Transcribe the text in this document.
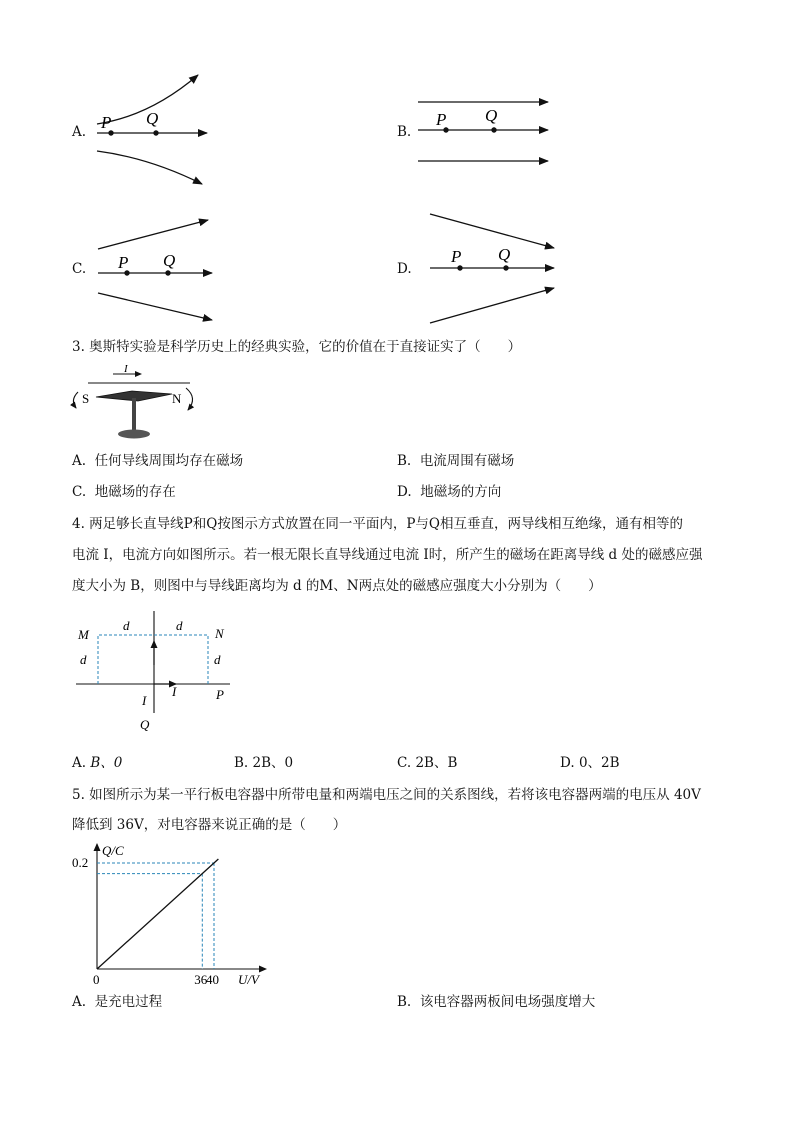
A. P Q
B.
P Q
C. P Q	D.
P Q
3. 奥斯特实验是科学历史上的经典实验，它的价值在于直接证实了（　　）
I
S	N
A. 任何导线周围均存在磁场	B. 电流周围有磁场
C. 地磁场的存在	D. 地磁场的方向
4. 两足够长直导线P和Q按图示方式放置在同一平面内，P与Q相互垂直，两导线相互绝缘，通有相等的
电流 I，电流方向如图所示。若一根无限长直导线通过电流 I时，所产生的磁场在距离导线 d 处的磁感应强
度大小为 B，则图中与导线距离均为 d 的M、N两点处的磁感应强度大小分别为（　　）
M	N
d	d
d	d
I
I	P
Q
A. B、0	B. 2B、0	C. 2B、B	D. 0、2B
5. 如图所示为某一平行板电容器中所带电量和两端电压之间的关系图线，若将该电容器两端的电压从 40V
降低到 36V，对电容器来说正确的是（　　）
36
40
0.2
Q/C
U/V
0
A. 是充电过程	B. 该电容器两板间电场强度增大
